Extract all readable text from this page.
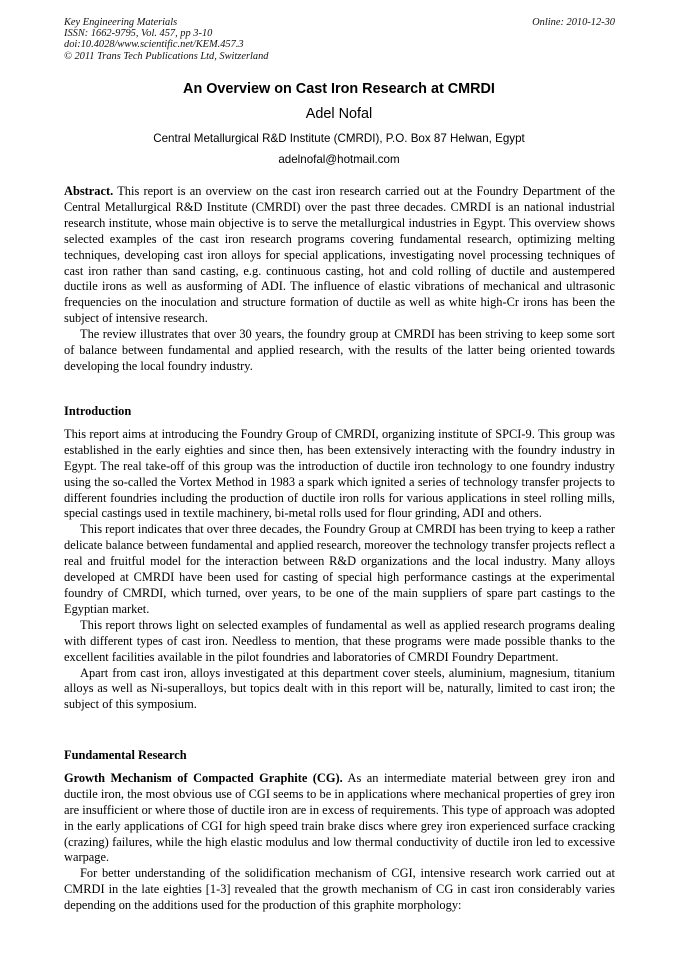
Key Engineering Materials
ISSN: 1662-9795, Vol. 457, pp 3-10
doi:10.4028/www.scientific.net/KEM.457.3
© 2011 Trans Tech Publications Ltd, Switzerland
Online: 2010-12-30
An Overview on Cast Iron Research at CMRDI
Adel Nofal
Central Metallurgical R&D Institute (CMRDI), P.O. Box 87 Helwan, Egypt
adelnofal@hotmail.com

Abstract. This report is an overview on the cast iron research carried out at the Foundry Department of the Central Metallurgical R&D Institute (CMRDI) over the past three decades. CMRDI is an national industrial research institute, whose main objective is to serve the metallurgical industries in Egypt. This overview shows selected examples of the cast iron research programs covering fundamental research, optimizing melting techniques, developing cast iron alloys for special applications, investigating novel processing techniques of cast iron rather than sand casting, e.g. continuous casting, hot and cold rolling of ductile and austempered ductile irons as well as ausforming of ADI. The influence of elastic vibrations of mechanical and ultrasonic frequencies on the inoculation and structure formation of ductile as well as white high-Cr irons has been the subject of intensive research.

The review illustrates that over 30 years, the foundry group at CMRDI has been striving to keep some sort of balance between fundamental and applied research, with the results of the latter being oriented towards developing the local foundry industry.

Introduction

This report aims at introducing the Foundry Group of CMRDI, organizing institute of SPCI-9. This group was established in the early eighties and since then, has been extensively interacting with the foundry industry in Egypt. The real take-off of this group was the introduction of ductile iron technology to one foundry industry using the so-called the Vortex Method in 1983 a spark which ignited a series of technology transfer projects to different foundries including the production of ductile iron rolls for various applications in steel rolling mills, special castings used in textile machinery, bi-metal rolls used for flour grinding, ADI and others.

This report indicates that over three decades, the Foundry Group at CMRDI has been trying to keep a rather delicate balance between fundamental and applied research, moreover the technology transfer projects reflect a real and fruitful model for the interaction between R&D organizations and the local industry. Many alloys developed at CMRDI have been used for casting of special high performance castings at the experimental foundry of CMRDI, which turned, over years, to be one of the main suppliers of spare part castings to the Egyptian market.

This report throws light on selected examples of fundamental as well as applied research programs dealing with different types of cast iron. Needless to mention, that these programs were made possible thanks to the excellent facilities available in the pilot foundries and laboratories of CMRDI Foundry Department.

Apart from cast iron, alloys investigated at this department cover steels, aluminium, magnesium, titanium alloys as well as Ni-superalloys, but topics dealt with in this report will be, naturally, limited to cast iron; the subject of this symposium.

Fundamental Research

Growth Mechanism of Compacted Graphite (CG). As an intermediate material between grey iron and ductile iron, the most obvious use of CGI seems to be in applications where mechanical properties of grey iron are insufficient or where those of ductile iron are in excess of requirements. This type of approach was adopted in the early applications of CGI for high speed train brake discs where grey iron experienced surface cracking (crazing) failures, while the high elastic modulus and low thermal conductivity of ductile iron led to excessive warpage.

For better understanding of the solidification mechanism of CGI, intensive research work carried out at CMRDI in the late eighties [1-3] revealed that the growth mechanism of CG in cast iron considerably varies depending on the additions used for the production of this graphite morphology:
